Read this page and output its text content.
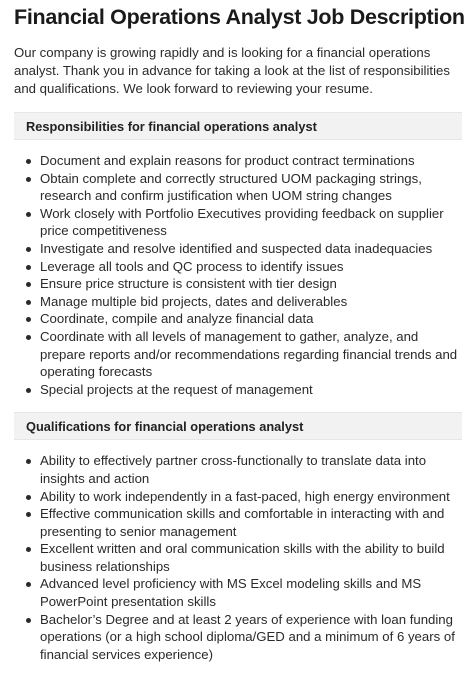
Financial Operations Analyst Job Description

Our company is growing rapidly and is looking for a financial operations analyst. Thank you in advance for taking a look at the list of responsibilities and qualifications. We look forward to reviewing your resume.

Responsibilities for financial operations analyst
Document and explain reasons for product contract terminations
Obtain complete and correctly structured UOM packaging strings, research and confirm justification when UOM string changes
Work closely with Portfolio Executives providing feedback on supplier price competitiveness
Investigate and resolve identified and suspected data inadequacies
Leverage all tools and QC process to identify issues
Ensure price structure is consistent with tier design
Manage multiple bid projects, dates and deliverables
Coordinate, compile and analyze financial data
Coordinate with all levels of management to gather, analyze, and prepare reports and/or recommendations regarding financial trends and operating forecasts
Special projects at the request of management
Qualifications for financial operations analyst
Ability to effectively partner cross-functionally to translate data into insights and action
Ability to work independently in a fast-paced, high energy environment
Effective communication skills and comfortable in interacting with and presenting to senior management
Excellent written and oral communication skills with the ability to build business relationships
Advanced level proficiency with MS Excel modeling skills and MS PowerPoint presentation skills
Bachelor’s Degree and at least 2 years of experience with loan funding operations (or a high school diploma/GED and a minimum of 6 years of financial services experience)
